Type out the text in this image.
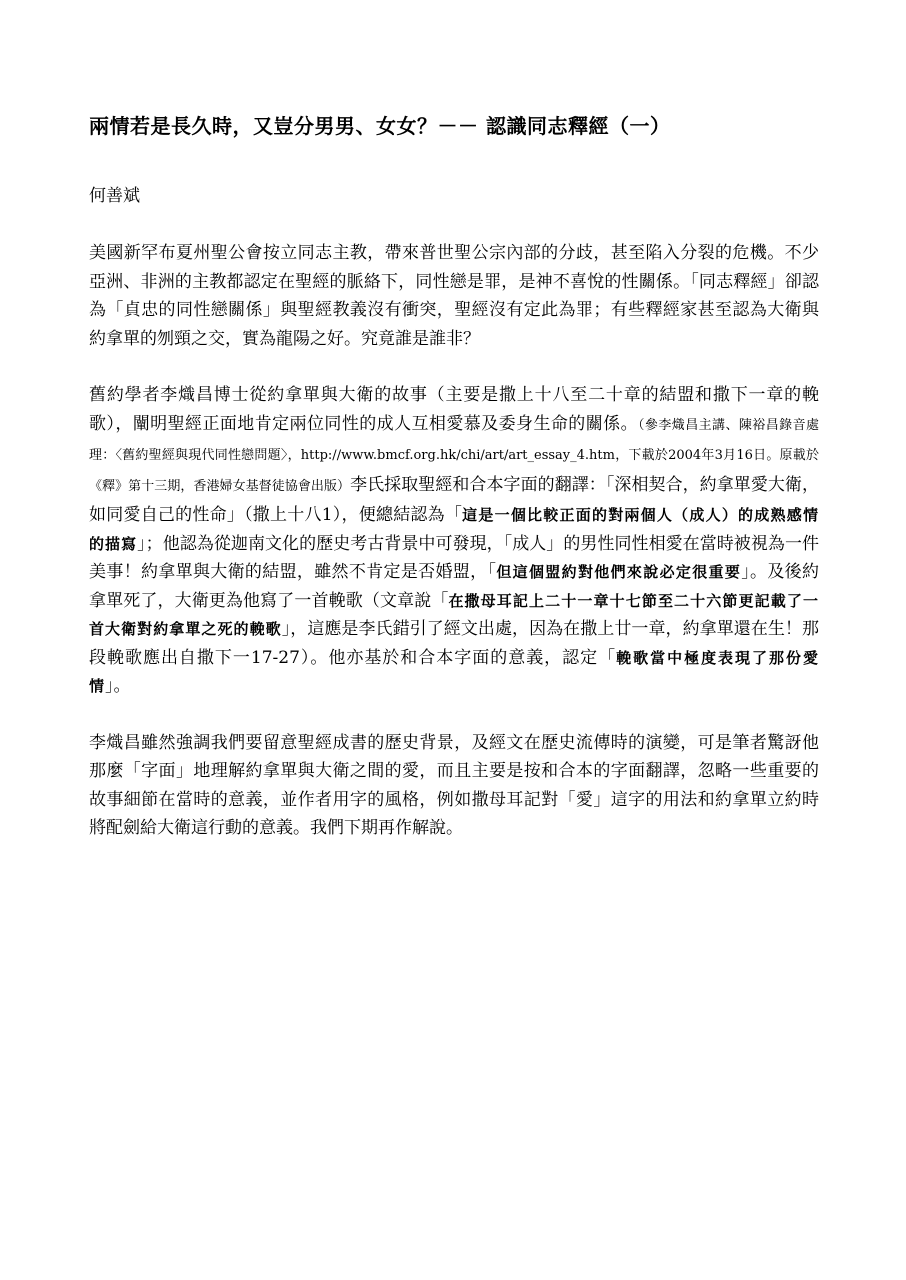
兩情若是長久時，又豈分男男、女女？－－ 認識同志釋經（一）
何善斌

美國新罕布夏州聖公會按立同志主教，帶來普世聖公宗內部的分歧，甚至陷入分裂的危機。不少亞洲、非洲的主教都認定在聖經的脈絡下，同性戀是罪，是神不喜悅的性關係。「同志釋經」卻認為「貞忠的同性戀關係」與聖經教義沒有衝突，聖經沒有定此為罪；有些釋經家甚至認為大衛與約拿單的刎頸之交，實為龍陽之好。究竟誰是誰非？

舊約學者李熾昌博士從約拿單與大衛的故事（主要是撒上十八至二十章的結盟和撒下一章的輓歌），闡明聖經正面地肯定兩位同性的成人互相愛慕及委身生命的關係。（參李熾昌主講、陳裕昌錄音處理：〈舊約聖經與現代同性戀問題〉，http://www.bmcf.org.hk/chi/art/art_essay_4.htm，下載於2004年3月16日。原載於《釋》第十三期，香港婦女基督徒協會出版）李氏採取聖經和合本字面的翻譯：「深相契合，約拿單愛大衛，如同愛自己的性命」（撒上十八1），便總結認為「這是一個比較正面的對兩個人（成人）的成熟感情的描寫」；他認為從迦南文化的歷史考古背景中可發現，「成人」的男性同性相愛在當時被視為一件美事！約拿單與大衛的結盟，雖然不肯定是否婚盟，「但這個盟約對他們來說必定很重要」。及後約拿單死了，大衛更為他寫了一首輓歌（文章說「在撒母耳記上二十一章十七節至二十六節更記載了一首大衛對約拿單之死的輓歌」，這應是李氏錯引了經文出處，因為在撒上廿一章，約拿單還在生！那段輓歌應出自撒下一17-27）。他亦基於和合本字面的意義，認定「輓歌當中極度表現了那份愛情」。

李熾昌雖然強調我們要留意聖經成書的歷史背景，及經文在歷史流傳時的演變，可是筆者驚訝他那麼「字面」地理解約拿單與大衛之間的愛，而且主要是按和合本的字面翻譯，忽略一些重要的故事細節在當時的意義，並作者用字的風格，例如撒母耳記對「愛」這字的用法和約拿單立約時將配劍給大衛這行動的意義。我們下期再作解說。
